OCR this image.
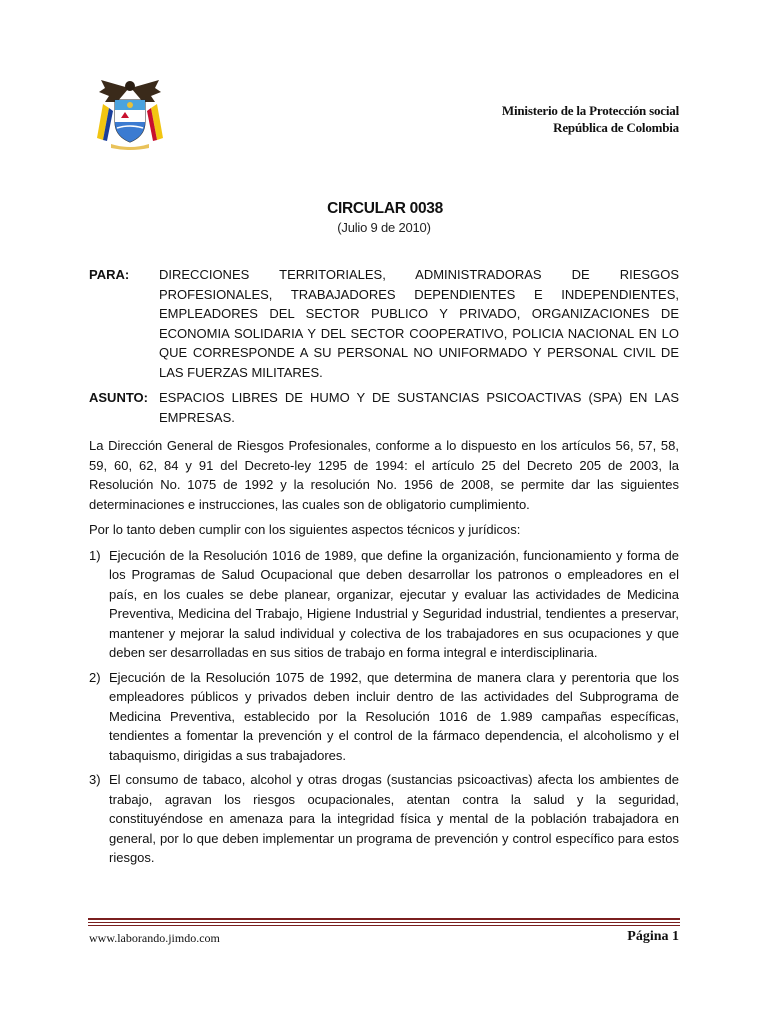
Ministerio de la Protección social
República de Colombia
CIRCULAR 0038
(Julio 9 de 2010)
PARA: DIRECCIONES TERRITORIALES, ADMINISTRADORAS DE RIESGOS PROFESIONALES, TRABAJADORES DEPENDIENTES E INDEPENDIENTES, EMPLEADORES DEL SECTOR PUBLICO Y PRIVADO, ORGANIZACIONES DE ECONOMIA SOLIDARIA Y DEL SECTOR COOPERATIVO, POLICIA NACIONAL EN LO QUE CORRESPONDE A SU PERSONAL NO UNIFORMADO Y PERSONAL CIVIL DE LAS FUERZAS MILITARES.
ASUNTO: ESPACIOS LIBRES DE HUMO Y DE SUSTANCIAS PSICOACTIVAS (SPA) EN LAS EMPRESAS.

La Dirección General de Riesgos Profesionales, conforme a lo dispuesto en los artículos 56, 57, 58, 59, 60, 62, 84 y 91 del Decreto-ley 1295 de 1994: el artículo 25 del Decreto 205 de 2003, la Resolución No. 1075 de 1992 y la resolución No. 1956 de 2008, se permite dar las siguientes determinaciones e instrucciones, las cuales son de obligatorio cumplimiento.

Por lo tanto deben cumplir con los siguientes aspectos técnicos y jurídicos:

1) Ejecución de la Resolución 1016 de 1989, que define la organización, funcionamiento y forma de los Programas de Salud Ocupacional que deben desarrollar los patronos o empleadores en el país, en los cuales se debe planear, organizar, ejecutar y evaluar las actividades de Medicina Preventiva, Medicina del Trabajo, Higiene Industrial y Seguridad industrial, tendientes a preservar, mantener y mejorar la salud individual y colectiva de los trabajadores en sus ocupaciones y que deben ser desarrolladas en sus sitios de trabajo en forma integral e interdisciplinaria.
2) Ejecución de la Resolución 1075 de 1992, que determina de manera clara y perentoria que los empleadores públicos y privados deben incluir dentro de las actividades del Subprograma de Medicina Preventiva, establecido por la Resolución 1016 de 1.989 campañas específicas, tendientes a fomentar la prevención y el control de la fármaco dependencia, el alcoholismo y el tabaquismo, dirigidas a sus trabajadores.
3) El consumo de tabaco, alcohol y otras drogas (sustancias psicoactivas) afecta los ambientes de trabajo, agravan los riesgos ocupacionales, atentan contra la salud y la seguridad, constituyéndose en amenaza para la integridad física y mental de la población trabajadora en general, por lo que deben implementar un programa de prevención y control específico para estos riesgos.
www.laborando.jimdo.com	Página 1
